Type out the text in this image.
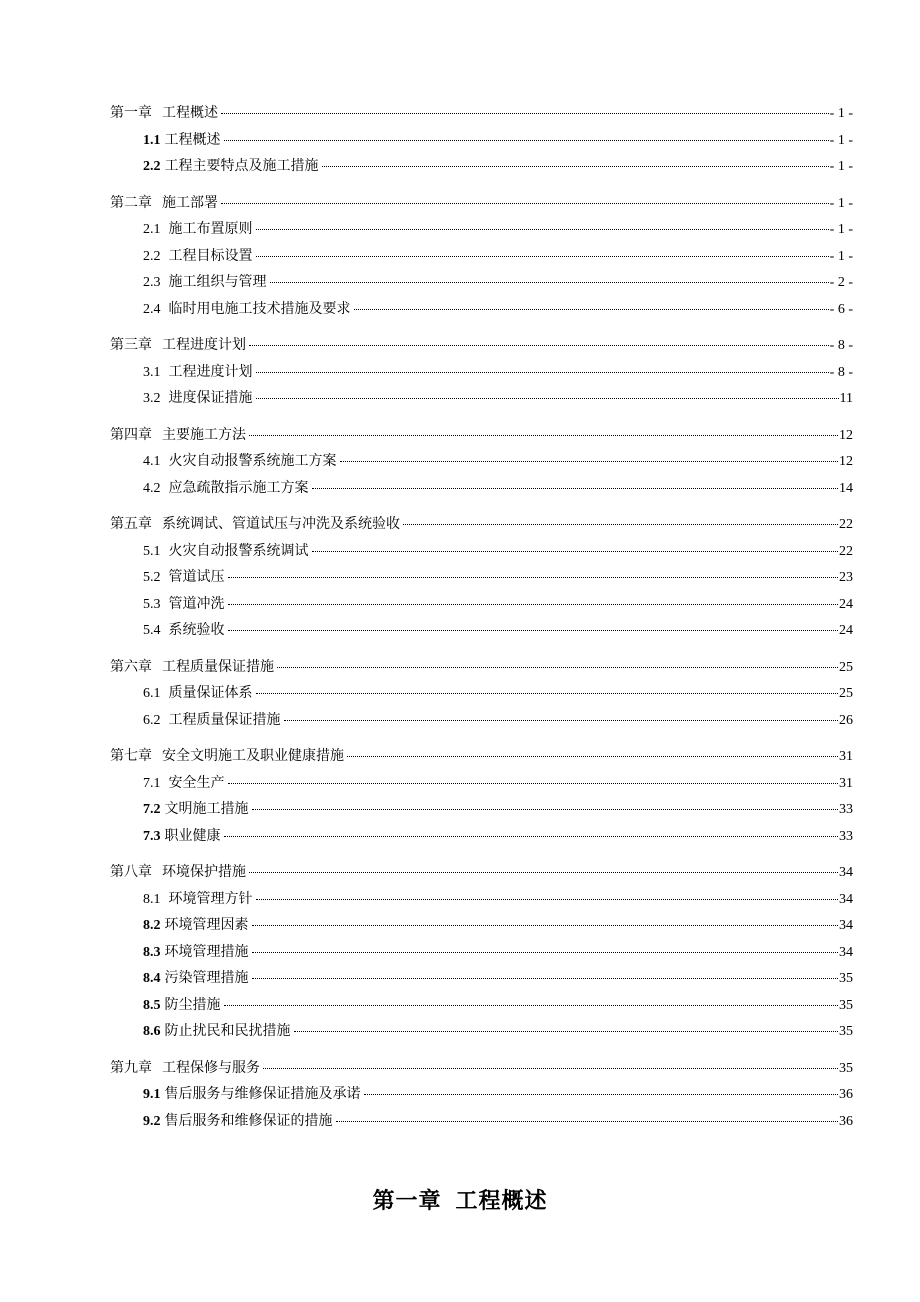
第一章 工程概述	- 1 -
1.1 工程概述	- 1 -
2.2 工程主要特点及施工措施	- 1 -
第二章 施工部署	- 1 -
2.1 施工布置原则	- 1 -
2.2 工程目标设置	- 1 -
2.3 施工组织与管理	- 2 -
2.4 临时用电施工技术措施及要求	- 6 -
第三章 工程进度计划	- 8 -
3.1 工程进度计划	- 8 -
3.2 进度保证措施	11
第四章 主要施工方法	12
4.1 火灾自动报警系统施工方案	12
4.2 应急疏散指示施工方案	14
第五章 系统调试、管道试压与冲洗及系统验收	22
5.1 火灾自动报警系统调试	22
5.2 管道试压	23
5.3 管道冲洗	24
5.4 系统验收	24
第六章 工程质量保证措施	25
6.1 质量保证体系	25
6.2 工程质量保证措施	26
第七章 安全文明施工及职业健康措施	31
7.1 安全生产	31
7.2 文明施工措施	33
7.3 职业健康	33
第八章 环境保护措施	34
8.1 环境管理方针	34
8.2 环境管理因素	34
8.3 环境管理措施	34
8.4 污染管理措施	35
8.5 防尘措施	35
8.6 防止扰民和民扰措施	35
第九章 工程保修与服务	35
9.1 售后服务与维修保证措施及承诺	36
9.2 售后服务和维修保证的措施	36
第一章 工程概述
